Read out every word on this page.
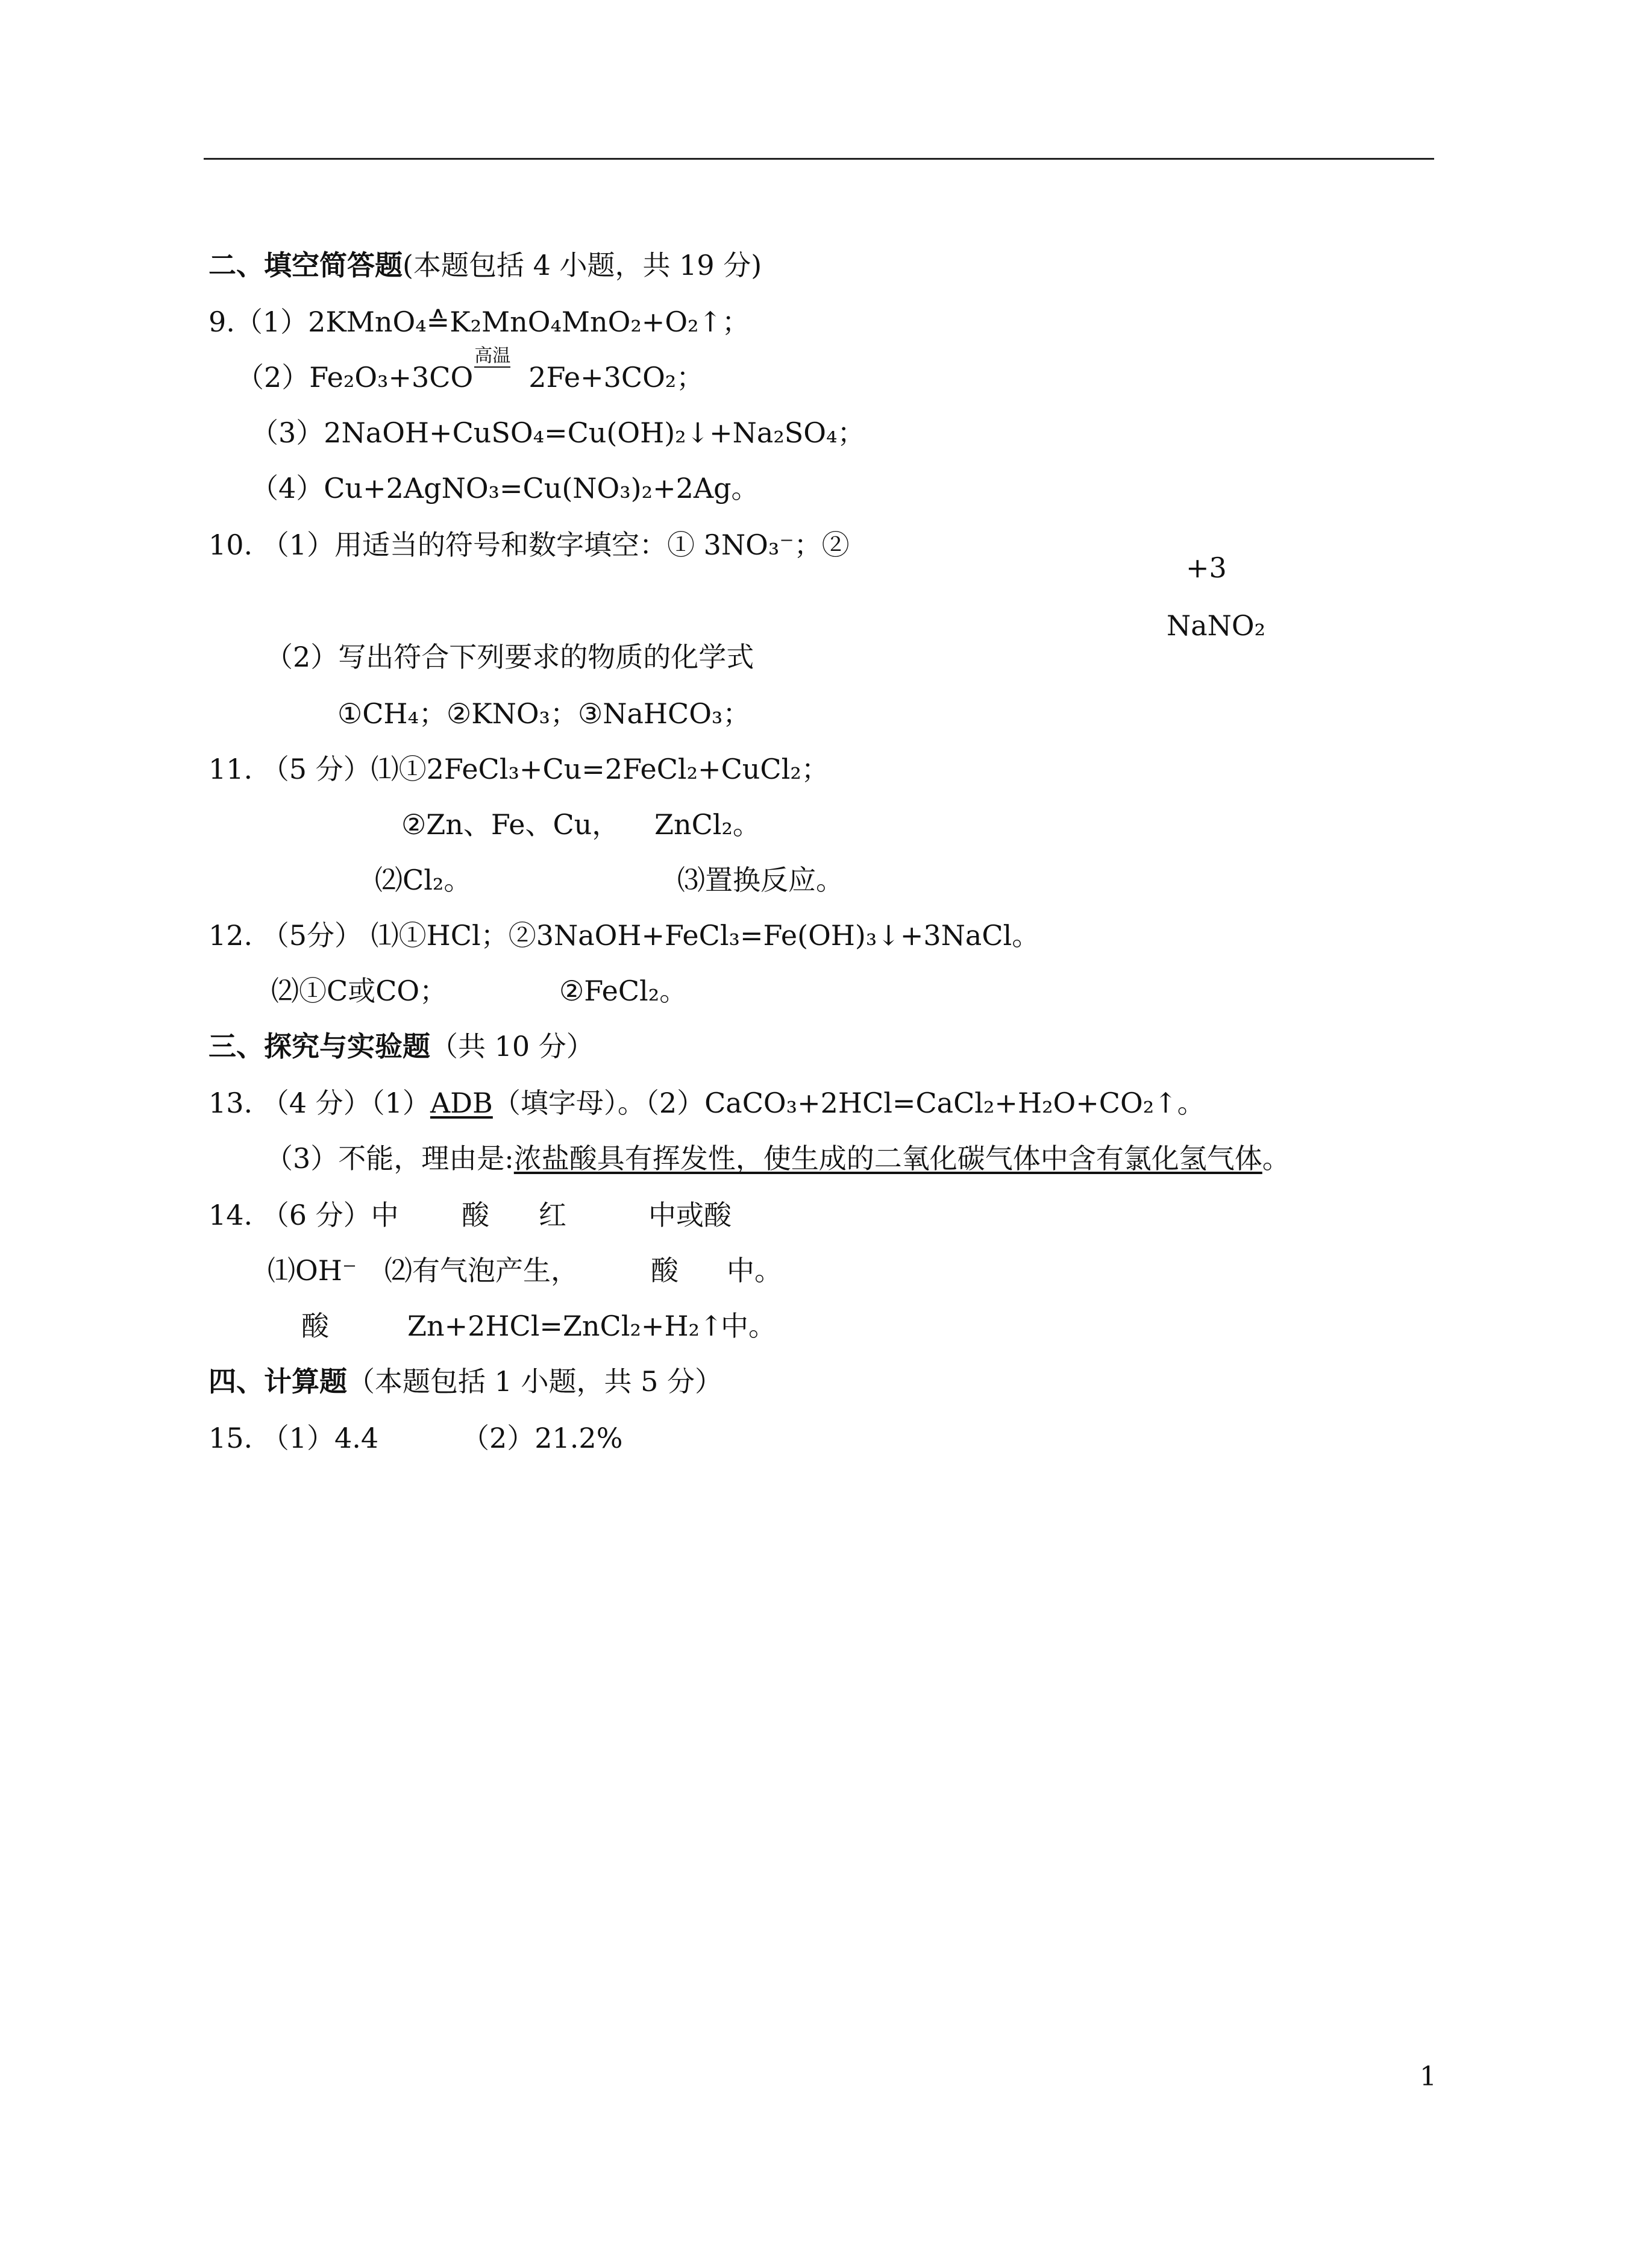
二、填空简答题(本题包括 4 小题，共 19 分)
9.（1）2KMnO₄≙K₂MnO₄MnO₂+O₂↑；
（2）Fe₂O₃+3CO
高温
2Fe+3CO₂；
（3）2NaOH+CuSO₄=Cu(OH)₂↓+Na₂SO₄；
（4）Cu+2AgNO₃=Cu(NO₃)₂+2Ag。
10. （1）用适当的符号和数字填空：① 3NO₃⁻；②
+3
NaNO₂
（2）写出符合下列要求的物质的化学式
①CH₄；②KNO₃；③NaHCO₃；
11. （5 分）⑴①2FeCl₃+Cu=2FeCl₂+CuCl₂；
②Zn、Fe、Cu， ZnCl₂。
⑵Cl₂。	⑶置换反应。
12. （5分） ⑴①HCl；②3NaOH+FeCl₃=Fe(OH)₃↓+3NaCl。
⑵①C或CO；	②FeCl₂。
三、探究与实验题（共 10 分）
13. （4 分）（1）ADB（填字母）。（2）CaCO₃+2HCl=CaCl₂+H₂O+CO₂↑。
（3）不能，理由是:浓盐酸具有挥发性，使生成的二氧化碳气体中含有氯化氢气体。
14. （6 分）中 酸 红	中或酸
⑴OH⁻ ⑵有气泡产生，	酸 中。
酸	Zn+2HCl=ZnCl₂+H₂↑
中。
四、计算题（本题包括 1 小题，共 5 分）
15. （1）4.4	（2）21.2%
1
